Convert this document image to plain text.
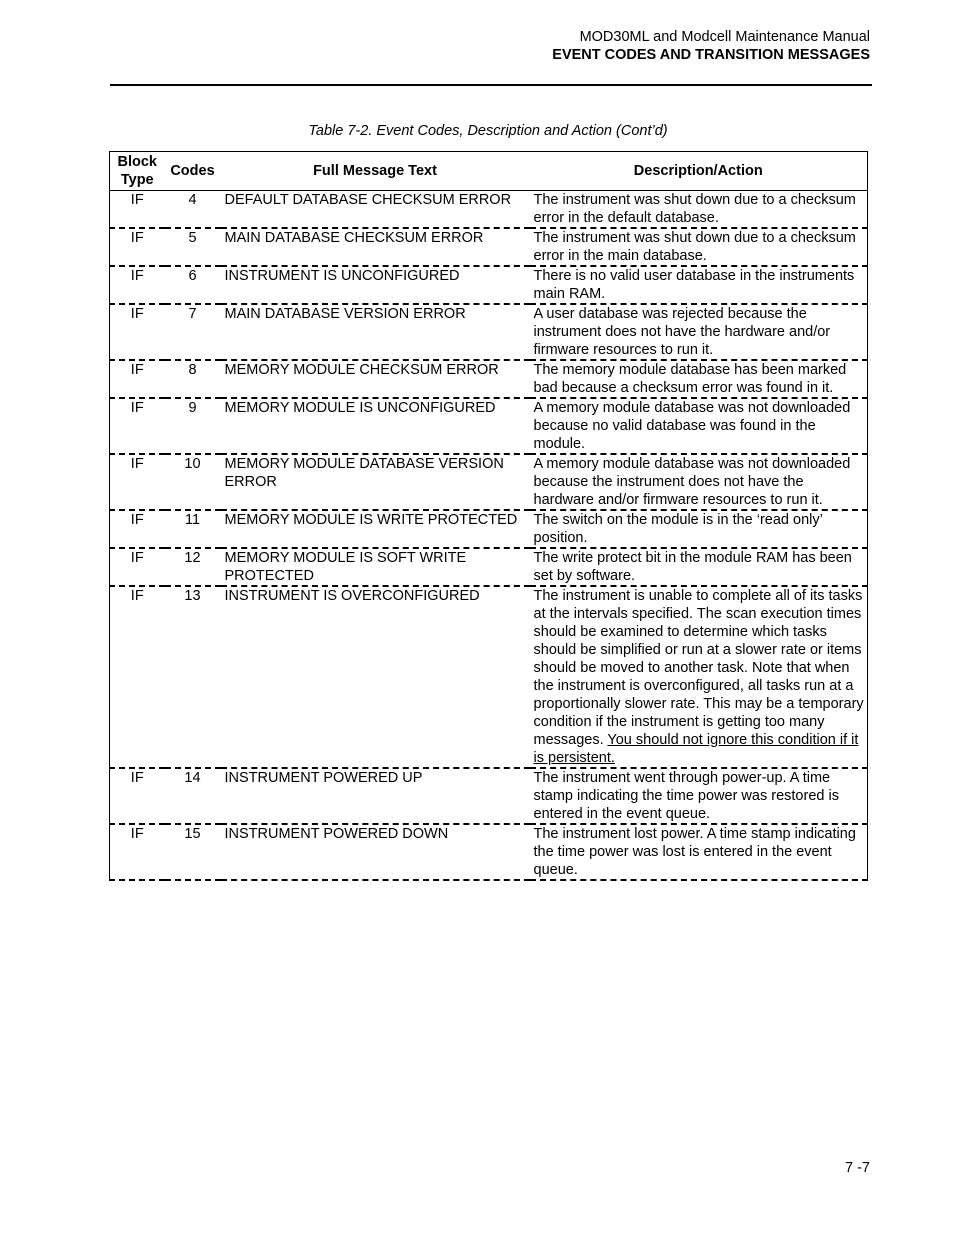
MOD30ML and Modcell Maintenance Manual
EVENT CODES AND TRANSITION MESSAGES
Table 7-2. Event Codes, Description and Action (Cont’d)
Block Type	Codes	Full Message Text	Description/Action
IF	4	DEFAULT DATABASE CHECKSUM ERROR	The instrument was shut down due to a checksum error in the default database.
IF	5	MAIN DATABASE CHECKSUM ERROR	The instrument was shut down due to a checksum error in the main database.
IF	6	INSTRUMENT IS UNCONFIGURED	There is no valid user database in the instruments main RAM.
IF	7	MAIN DATABASE VERSION ERROR	A user database was rejected because the instrument does not have the hardware and/or firmware resources to run it.
IF	8	MEMORY MODULE CHECKSUM ERROR	The memory module database has been marked bad because a checksum error was found in it.
IF	9	MEMORY MODULE IS UNCONFIGURED	A memory module database was not downloaded because no valid database was found in the module.
IF	10	MEMORY MODULE DATABASE VERSION ERROR	A memory module database was not downloaded because the instrument does not have the hardware and/or firmware resources to run it.
IF	11	MEMORY MODULE IS WRITE PROTECTED	The switch on the module is in the ‘read only’ position.
IF	12	MEMORY MODULE IS SOFT WRITE PROTECTED	The write protect bit in the module RAM has been set by software.
IF	13	INSTRUMENT IS OVERCONFIGURED	The instrument is unable to complete all of its tasks at the intervals specified. The scan execution times should be examined to determine which tasks should be simplified or run at a slower rate or items should be moved to another task. Note that when the instrument is overconfigured, all tasks run at a proportionally slower rate. This may be a temporary condition if the instrument is getting too many messages. You should not ignore this condition if it is persistent.
IF	14	INSTRUMENT POWERED UP	The instrument went through power-up. A time stamp indicating the time power was restored is entered in the event queue.
IF	15	INSTRUMENT POWERED DOWN	The instrument lost power. A time stamp indicating the time power was lost is entered in the event queue.
7 -7
